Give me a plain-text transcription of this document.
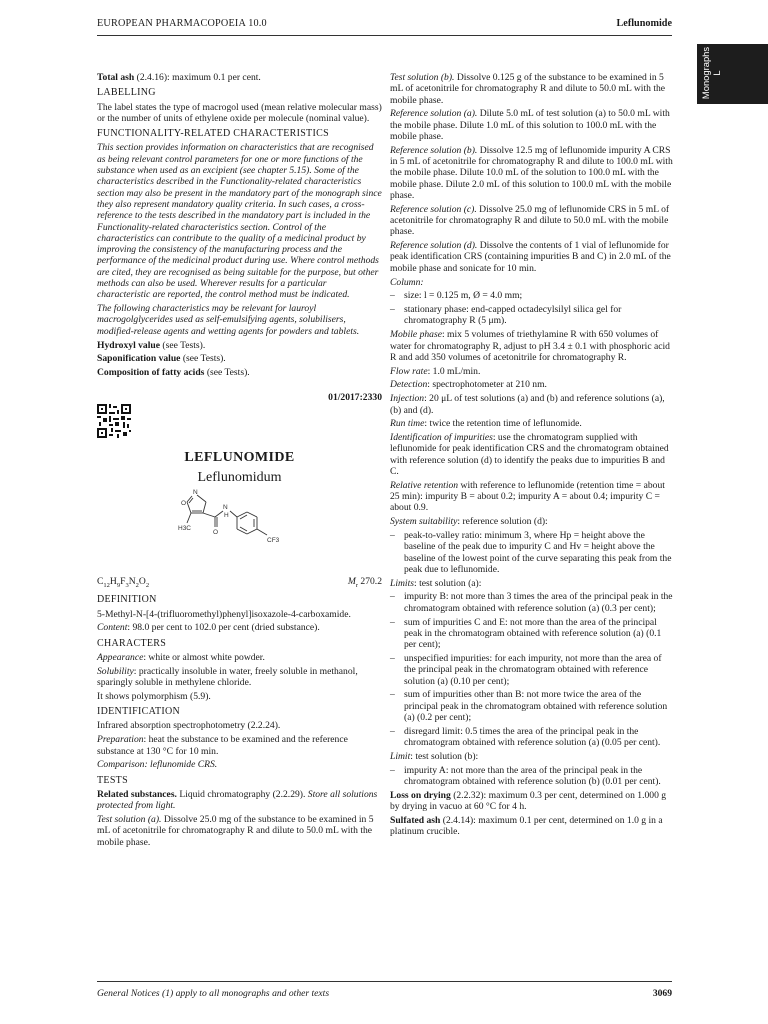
EUROPEAN PHARMACOPOEIA 10.0	Leflunomide
Monographs L
Total ash (2.4.16): maximum 0.1 per cent.
LABELLING
The label states the type of macrogol used (mean relative molecular mass) or the number of units of ethylene oxide per molecule (nominal value).
FUNCTIONALITY-RELATED CHARACTERISTICS
This section provides information on characteristics that are recognised as being relevant control parameters for one or more functions of the substance when used as an excipient (see chapter 5.15). Some of the characteristics described in the Functionality-related characteristics section may also be present in the mandatory part of the monograph since they also represent mandatory quality criteria. In such cases, a cross-reference to the tests described in the mandatory part is included in the Functionality-related characteristics section. Control of the characteristics can contribute to the quality of a medicinal product by improving the consistency of the manufacturing process and the performance of the medicinal product during use. Where control methods are cited, they are recognised as being suitable for the purpose, but other methods can also be used. Wherever results for a particular characteristic are reported, the control method must be indicated.
The following characteristics may be relevant for lauroyl macrogolglycerides used as self-emulsifying agents, solubilisers, modified-release agents and wetting agents for powders and tablets.
Hydroxyl value (see Tests).
Saponification value (see Tests).
Composition of fatty acids (see Tests).
01/2017:2330
LEFLUNOMIDE
Leflunomidum
N
O
H3C
O
N
H
CF3
$C_{12}H_9F_3N_2O_2$	$M_r$ 270.2
DEFINITION
5-Methyl-N-[4-(trifluoromethyl)phenyl]isoxazole-4-carboxamide.
Content: 98.0 per cent to 102.0 per cent (dried substance).
CHARACTERS
Appearance: white or almost white powder.
Solubility: practically insoluble in water, freely soluble in methanol, sparingly soluble in methylene chloride.
It shows polymorphism (5.9).
IDENTIFICATION
Infrared absorption spectrophotometry (2.2.24).
Preparation: heat the substance to be examined and the reference substance at 130 °C for 10 min.
Comparison: leflunomide CRS.
TESTS
Related substances. Liquid chromatography (2.2.29). Store all solutions protected from light.
Test solution (a). Dissolve 25.0 mg of the substance to be examined in 5 mL of acetonitrile for chromatography R and dilute to 50.0 mL with the mobile phase.
Test solution (b). Dissolve 0.125 g of the substance to be examined in 5 mL of acetonitrile for chromatography R and dilute to 50.0 mL with the mobile phase.
Reference solution (a). Dilute 5.0 mL of test solution (a) to 50.0 mL with the mobile phase. Dilute 1.0 mL of this solution to 100.0 mL with the mobile phase.
Reference solution (b). Dissolve 12.5 mg of leflunomide impurity A CRS in 5 mL of acetonitrile for chromatography R and dilute to 100.0 mL with the mobile phase. Dilute 10.0 mL of the solution to 100.0 mL with the mobile phase. Dilute 2.0 mL of this solution to 100.0 mL with the mobile phase.
Reference solution (c). Dissolve 25.0 mg of leflunomide CRS in 5 mL of acetonitrile for chromatography R and dilute to 50.0 mL with the mobile phase.
Reference solution (d). Dissolve the contents of 1 vial of leflunomide for peak identification CRS (containing impurities B and C) in 2.0 mL of the mobile phase and sonicate for 10 min.
Column:
– size: l = 0.125 m, Ø = 4.0 mm;
– stationary phase: end-capped octadecylsilyl silica gel for chromatography R (5 μm).
Mobile phase: mix 5 volumes of triethylamine R with 650 volumes of water for chromatography R, adjust to pH 3.4 ± 0.1 with phosphoric acid R and add 350 volumes of acetonitrile for chromatography R.
Flow rate: 1.0 mL/min.
Detection: spectrophotometer at 210 nm.
Injection: 20 μL of test solutions (a) and (b) and reference solutions (a), (b) and (d).
Run time: twice the retention time of leflunomide.
Identification of impurities: use the chromatogram supplied with leflunomide for peak identification CRS and the chromatogram obtained with reference solution (d) to identify the peaks due to impurities B and C.
Relative retention with reference to leflunomide (retention time = about 25 min): impurity B = about 0.2; impurity A = about 0.4; impurity C = about 0.9.
System suitability: reference solution (d):
– peak-to-valley ratio: minimum 3, where Hp = height above the baseline of the peak due to impurity C and Hv = height above the baseline of the lowest point of the curve separating this peak from the peak due to leflunomide.
Limits: test solution (a):
– impurity B: not more than 3 times the area of the principal peak in the chromatogram obtained with reference solution (a) (0.3 per cent);
– sum of impurities C and E: not more than the area of the principal peak in the chromatogram obtained with reference solution (a) (0.1 per cent);
– unspecified impurities: for each impurity, not more than the area of the principal peak in the chromatogram obtained with reference solution (a) (0.10 per cent);
– sum of impurities other than B: not more twice the area of the principal peak in the chromatogram obtained with reference solution (a) (0.2 per cent);
– disregard limit: 0.5 times the area of the principal peak in the chromatogram obtained with reference solution (a) (0.05 per cent).
Limit: test solution (b):
– impurity A: not more than the area of the principal peak in the chromatogram obtained with reference solution (b) (0.01 per cent).
Loss on drying (2.2.32): maximum 0.3 per cent, determined on 1.000 g by drying in vacuo at 60 °C for 4 h.
Sulfated ash (2.4.14): maximum 0.1 per cent, determined on 1.0 g in a platinum crucible.
General Notices (1) apply to all monographs and other texts	3069
